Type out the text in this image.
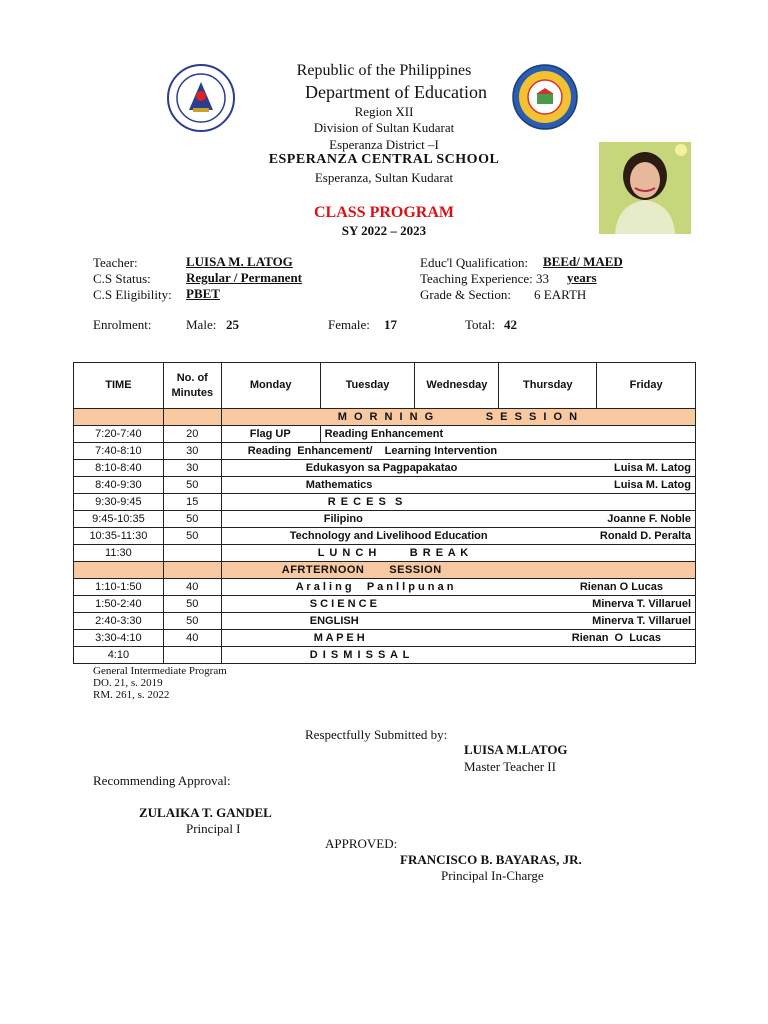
Republic of the Philippines
Department of Education
Region XII
Division of Sultan Kudarat
Esperanza District –I
ESPERANZA CENTRAL SCHOOL
Esperanza, Sultan Kudarat
CLASS PROGRAM
SY 2022 – 2023
Teacher:	LUISA M. LATOG
C.S Status:	Regular / Permanent
C.S Eligibility: PBET
Educ'l Qualification: BEEd/ MAED
Teaching Experience: 33 years
Grade & Section: 6 EARTH
Enrolment:	Male: 25	Female: 17	Total: 42
TIME	No. of Minutes	Monday	Tuesday	Wednesday	Thursday	Friday
		M O R N I N G          S E S S I O N				
7:20-7:40	20	Flag UP	Reading Enhancement			
7:40-8:10	30	Reading  Enhancement/    Learning Intervention				
8:10-8:40	30	Edukasyon sa Pagpapakatao Luisa M. Latog				

8:40-9:30	50	Mathematics Luisa M. Latog				

9:30-9:45	15	R E C E S  S				
9:45-10:35	50	Filipino Joanne F. Noble				

10:35-11:30	50	Technology and Livelihood Education Ronald D. Peralta				

11:30		L U N C H        B R E A K				
		AFRTERNOON       SESSION				
1:10-1:50	40	A r a l i n g     P a n l l p u n a n Rienan O Lucas				

1:50-2:40	50	S C I E N C E Minerva T. Villaruel				

2:40-3:30	50	ENGLISH Minerva T. Villaruel				

3:30-4:10	40	M A P E H Rienan  O  Lucas				

4:10		D I S M I S S A L				
General Intermediate Program
DO. 21, s. 2019
RM. 261, s. 2022
Respectfully Submitted by:
LUISA M.LATOG
Master Teacher II
Recommending Approval:
ZULAIKA T. GANDEL
Principal I
APPROVED:
FRANCISCO B. BAYARAS, JR.
Principal In-Charge
